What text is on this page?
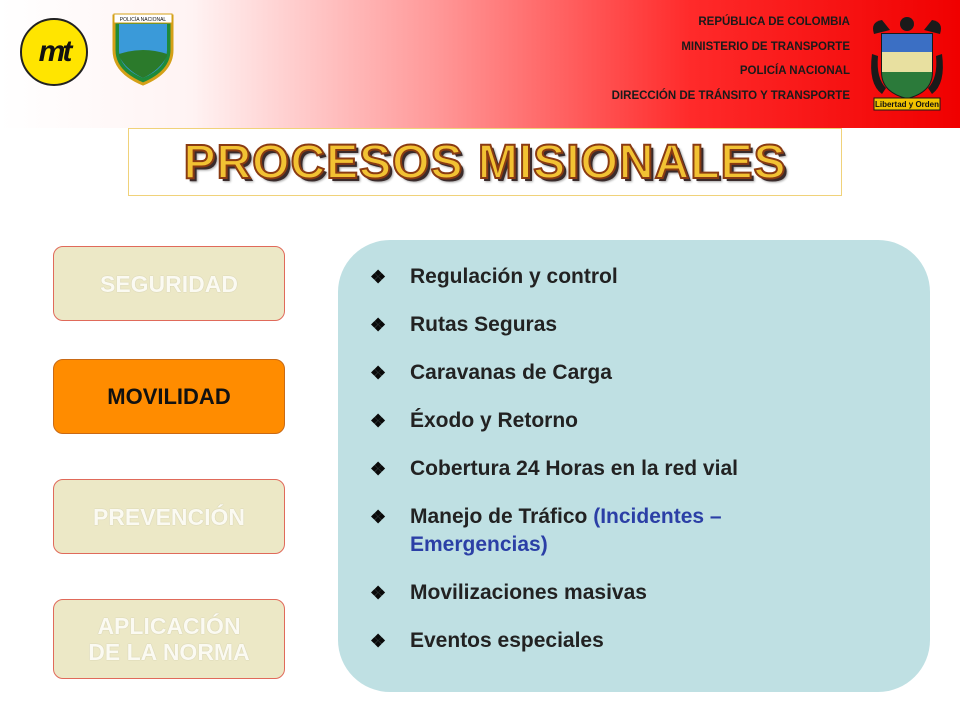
mt
POLICÍA NACIONAL	REPÚBLICA DE COLOMBIA
MINISTERIO DE TRANSPORTE
POLICÍA NACIONAL
DIRECCIÓN DE TRÁNSITO Y TRANSPORTE
Libertad y Orden
PROCESOS MISIONALES
SEGURIDAD
MOVILIDAD
PREVENCIÓN
APLICACIÓN
DE LA NORMA
❖	Regulación y control
❖	Rutas Seguras
❖	Caravanas de Carga
❖	Éxodo y Retorno
❖	Cobertura 24 Horas en la red vial
❖	Manejo de Tráfico (Incidentes –
Emergencias)
❖	Movilizaciones masivas
❖	Eventos especiales
